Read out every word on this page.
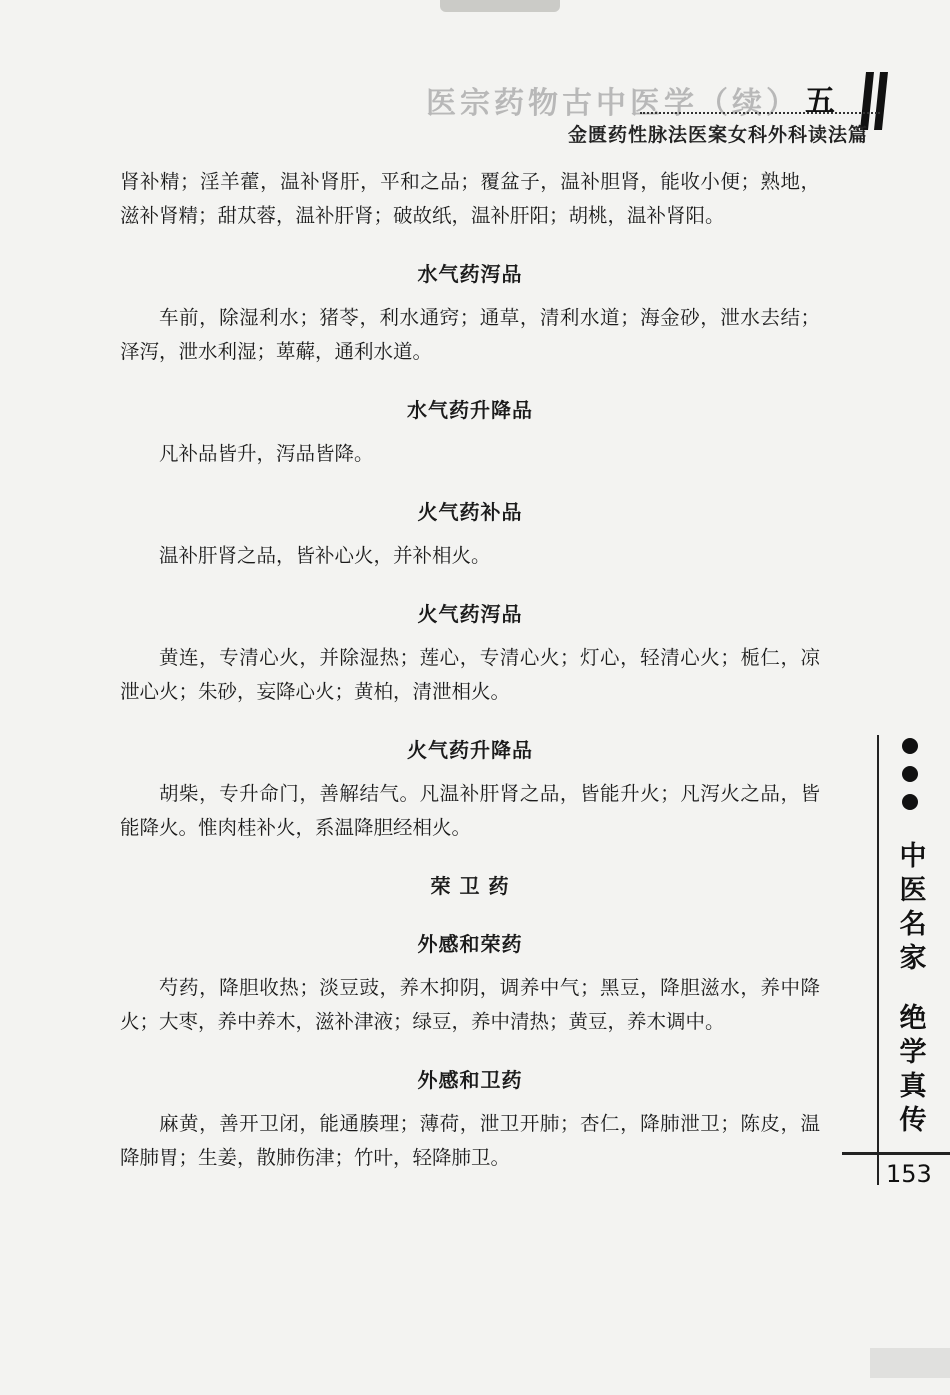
医宗药物古中医学（续） 五
金匮药性脉法医案女科外科读法篇

肾补精；淫羊藿，温补肾肝，平和之品；覆盆子，温补胆肾，能收小便；熟地，滋补肾精；甜苁蓉，温补肝肾；破故纸，温补肝阳；胡桃，温补肾阳。

水气药泻品

车前，除湿利水；猪苓，利水通窍；通草，清利水道；海金砂，泄水去结；泽泻，泄水利湿；萆薢，通利水道。

水气药升降品

凡补品皆升，泻品皆降。

火气药补品

温补肝肾之品，皆补心火，并补相火。

火气药泻品

黄连，专清心火，并除湿热；莲心，专清心火；灯心，轻清心火；栀仁，凉泄心火；朱砂，妄降心火；黄柏，清泄相火。

火气药升降品

胡柴，专升命门，善解结气。凡温补肝肾之品，皆能升火；凡泻火之品，皆能降火。惟肉桂补火，系温降胆经相火。

荣 卫 药
外感和荣药

芍药，降胆收热；淡豆豉，养木抑阴，调养中气；黑豆，降胆滋水，养中降火；大枣，养中养木，滋补津液；绿豆，养中清热；黄豆，养木调中。

外感和卫药

麻黄，善开卫闭，能通腠理；薄荷，泄卫开肺；杏仁，降肺泄卫；陈皮，温降肺胃；生姜，散肺伤津；竹叶，轻降肺卫。

中
医
名
家
绝
学
真
传
153
